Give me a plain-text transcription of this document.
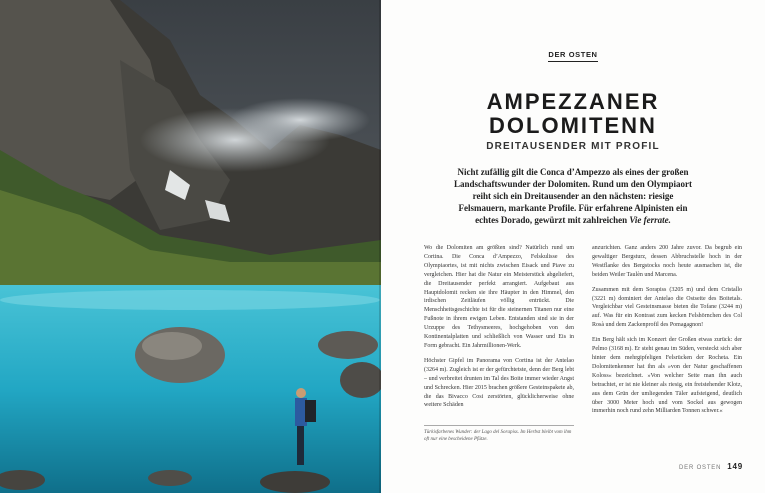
DER OSTEN
AMPEZZANER
DOLOMITENN
DREITAUSENDER MIT PROFIL
Nicht zufällig gilt die Conca d’Ampezzo als eines der großen Landschaftswunder der Dolomiten. Rund um den Olympiaort reiht sich ein Dreitausender an den nächsten: riesige Felsmauern, markante Profile. Für erfahrene Alpinisten ein echtes Dorado, gewürzt mit zahlreichen Vie ferrate.

Wo die Dolomiten am größten sind? Natürlich rund um Cortina. Die Conca d’Ampezzo, Felskulisse des Olympiaortes, ist mit nichts zwischen Eisack und Piave zu vergleichen. Hier hat die Natur ein Meisterstück abgeliefert, die Dreitausender perfekt arrangiert. Aufgebaut aus Hauptdolomit recken sie ihre Häupter in den Himmel, den irdischen Zeitläufen völlig entrückt. Die Menschheitsgeschichte ist für die steinernen Titanen nur eine Fußnote in ihrem ewigen Leben. Entstanden sind sie in der Urzuppe des Tethysmeeres, hochgehoben von den Kontinentalplatten und schließlich von Wasser und Eis in Form gebracht. Ein Jahrmillionen-Werk.

Höchster Gipfel im Panorama von Cortina ist der Antelao (3264 m). Zugleich ist er der gefürchtetste, denn der Berg lebt – und verbreitet drunten im Tal des Boite immer wieder Angst und Schrecken. Hier 2015 brachen größere Gesteinspakete ab, die das Bivacco Cosi zerstörten, glücklicherweise ohne weitere Schäden

Türkisfarbenes Wunder: der Lago del Sorapiss. Im Herbst bleibt vom ihm oft nur eine bescheidene Pfütze.

anzurichten. Ganz anders 200 Jahre zuvor. Da begrub ein gewaltiger Bergsturz, dessen Abbruchstelle hoch in der Westflanke des Bergstocks noch heute ausmachen ist, die beiden Weiler Taulèn und Marcena.

Zusammen mit dem Sorapiss (3205 m) und dem Cristallo (3221 m) dominiert der Antelao die Ostseite des Boitetals. Vergleichbar viel Gesteinsmasse bieten die Tofane (3244 m) auf. Was für ein Kontrast zum kecken Felshörnchen des Col Rosà und dem Zackenprofil des Pomagagnon!

Ein Berg hält sich im Konzert der Großen etwas zurück: der Pelmo (3168 m). Er steht genau im Süden, versteckt sich aber hinter dem mehrgipfeligen Felsrücken der Rocheta. Ein Dolomitenkenner hat ihn als »von der Natur geschaffenen Koloss« bezeichnet. »Von welcher Seite man ihn auch betrachtet, er ist nie kleiner als riesig, ein freistehender Klotz, aus dem Grün der umliegenden Täler aufsteigend, deutlich über 3000 Meter hoch und vom Sockel aus gewogen immerhin noch rund zehn Milliarden Tonnen schwer.«

DER OSTEN 149
